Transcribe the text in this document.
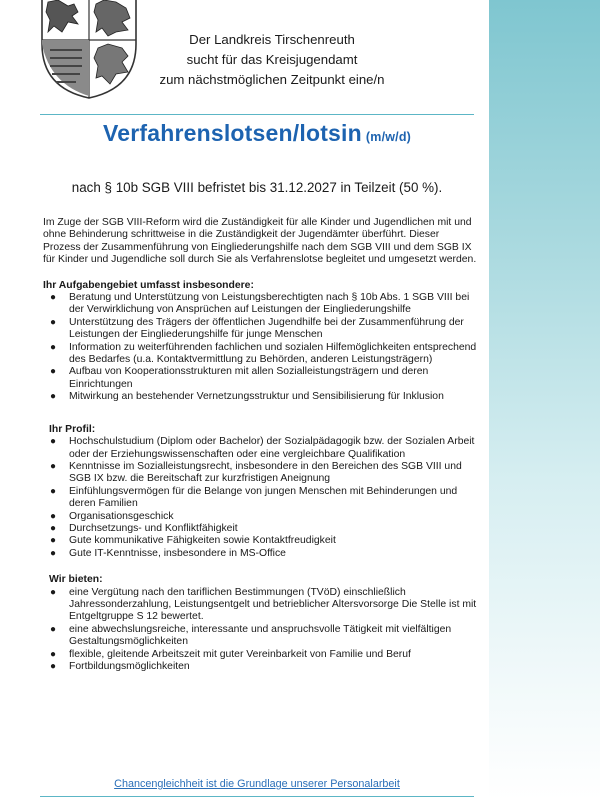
Der Landkreis Tirschenreuth
sucht für das Kreisjugendamt
zum nächstmöglichen Zeitpunkt eine/n
Verfahrenslotsen/lotsin (m/w/d)
nach § 10b SGB VIII befristet bis 31.12.2027 in Teilzeit (50 %).

Im Zuge der SGB VIII-Reform wird die Zuständigkeit für alle Kinder und Jugendlichen mit und ohne Behinderung schrittweise in die Zuständigkeit der Jugendämter überführt. Dieser Prozess der Zusammenführung von Eingliederungshilfe nach dem SGB VIII und dem SGB IX für Kinder und Jugendliche soll durch Sie als Verfahrenslotse begleitet und umgesetzt werden.

Ihr Aufgabengebiet umfasst insbesondere:

● Beratung und Unterstützung von Leistungsberechtigten nach § 10b Abs. 1 SGB VIII bei der Verwirklichung von Ansprüchen auf Leistungen der Eingliederungshilfe
● Unterstützung des Trägers der öffentlichen Jugendhilfe bei der Zusammenführung der Leistungen der Eingliederungshilfe für junge Menschen
● Information zu weiterführenden fachlichen und sozialen Hilfemöglichkeiten entsprechend des Bedarfes (u.a. Kontaktvermittlung zu Behörden, anderen Leistungsträgern)
● Aufbau von Kooperationsstrukturen mit allen Sozialleistungsträgern und deren Einrichtungen
● Mitwirkung an bestehender Vernetzungsstruktur und Sensibilisierung für Inklusion

Ihr Profil:

● Hochschulstudium (Diplom oder Bachelor) der Sozialpädagogik bzw. der Sozialen Arbeit oder der Erziehungswissenschaften oder eine vergleichbare Qualifikation
● Kenntnisse im Sozialleistungsrecht, insbesondere in den Bereichen des SGB VIII und SGB IX bzw. die Bereitschaft zur kurzfristigen Aneignung
● Einfühlungsvermögen für die Belange von jungen Menschen mit Behinderungen und deren Familien
● Organisationsgeschick
● Durchsetzungs- und Konfliktfähigkeit
● Gute kommunikative Fähigkeiten sowie Kontaktfreudigkeit
● Gute IT-Kenntnisse, insbesondere in MS-Office

Wir bieten:

● eine Vergütung nach den tariflichen Bestimmungen (TVöD) einschließlich Jahressonderzahlung, Leistungsentgelt und betrieblicher Altersvorsorge Die Stelle ist mit Entgeltgruppe S 12 bewertet.
● eine abwechslungsreiche, interessante und anspruchsvolle Tätigkeit mit vielfältigen Gestaltungsmöglichkeiten
● flexible, gleitende Arbeitszeit mit guter Vereinbarkeit von Familie und Beruf
● Fortbildungsmöglichkeiten
Chancengleichheit ist die Grundlage unserer Personalarbeit
